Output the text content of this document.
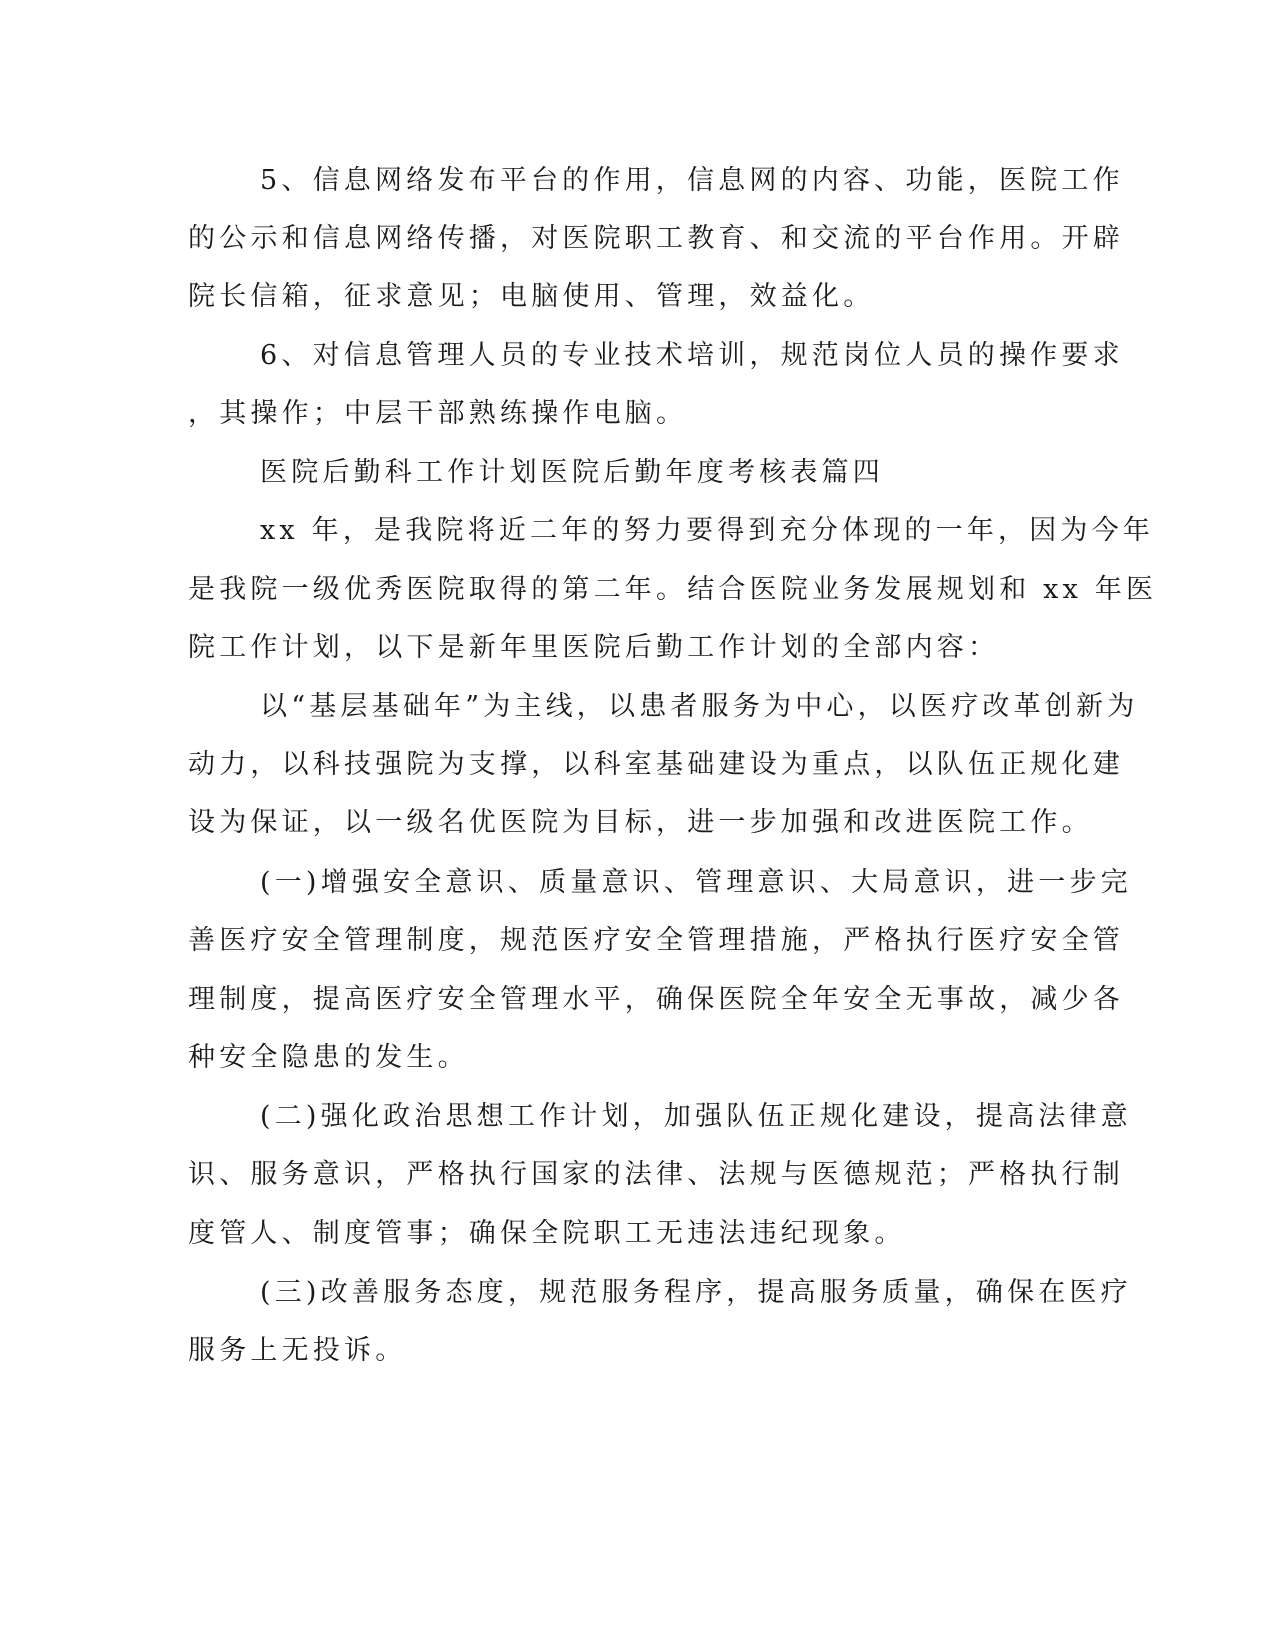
5、信息网络发布平台的作用，信息网的内容、功能，医院工作
的公示和信息网络传播，对医院职工教育、和交流的平台作用。开辟
院长信箱，征求意见；电脑使用、管理，效益化。
6、对信息管理人员的专业技术培训，规范岗位人员的操作要求
，其操作；中层干部熟练操作电脑。
医院后勤科工作计划医院后勤年度考核表篇四
xx 年，是我院将近二年的努力要得到充分体现的一年，因为今年
是我院一级优秀医院取得的第二年。结合医院业务发展规划和 xx 年医
院工作计划，以下是新年里医院后勤工作计划的全部内容：
以“基层基础年”为主线，以患者服务为中心，以医疗改革创新为
动力，以科技强院为支撑，以科室基础建设为重点，以队伍正规化建
设为保证，以一级名优医院为目标，进一步加强和改进医院工作。
(一)增强安全意识、质量意识、管理意识、大局意识，进一步完
善医疗安全管理制度，规范医疗安全管理措施，严格执行医疗安全管
理制度，提高医疗安全管理水平，确保医院全年安全无事故，减少各
种安全隐患的发生。
(二)强化政治思想工作计划，加强队伍正规化建设，提高法律意
识、服务意识，严格执行国家的法律、法规与医德规范；严格执行制
度管人、制度管事；确保全院职工无违法违纪现象。
(三)改善服务态度，规范服务程序，提高服务质量，确保在医疗
服务上无投诉。
